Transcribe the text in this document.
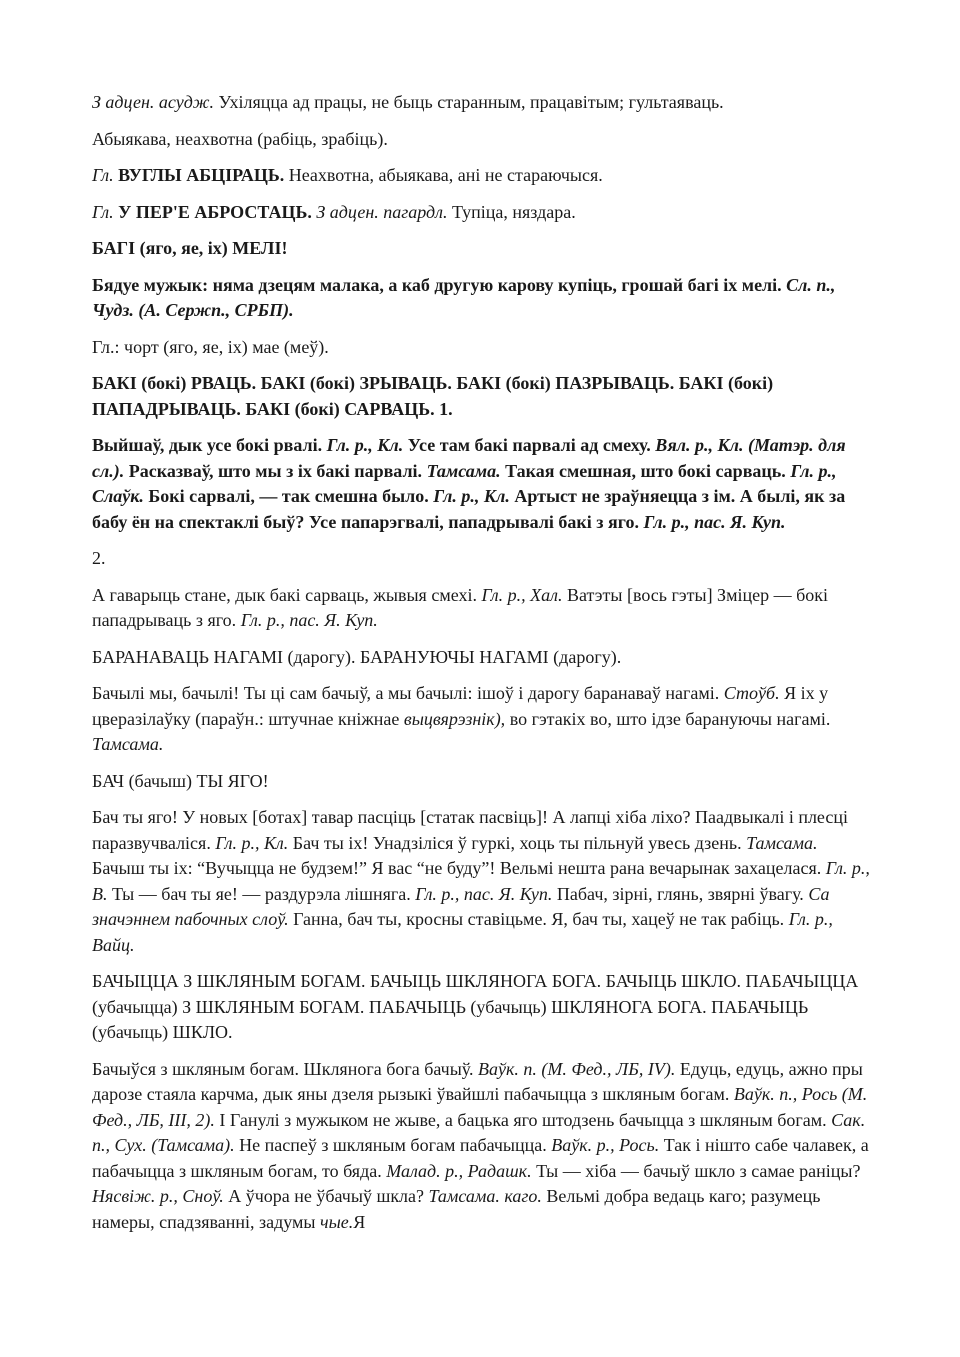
З адцен. асудж. Ухіляцца ад працы, не быць старанным, працавітым; гультаяваць.

Абыякава, неахвотна (рабіць, зрабіць).

Гл. ВУГЛЫ АБЦІРАЦЬ. Неахвотна, абыякава, ані не стараючыся.

Гл. У ПЕР'Е АБРОСТАЦЬ. З адцен. пагардл. Тупіца, няздара.

БАГІ (яго, яе, іх) МЕЛІ!

Бядуе мужык: няма дзецям малака, а каб другую карову купіць, грошай багі іх мелі. Сл. п., Чудз. (А. Сержп., СРБП).

Гл.: чорт (яго, яе, іх) мае (меў).

БАКІ (бокі) РВАЦЬ. БАКІ (бокі) ЗРЫВАЦЬ. БАКІ (бокі) ПАЗРЫВАЦЬ. БАКІ (бокі) ПАПАДРЫВАЦЬ. БАКІ (бокі) САРВАЦЬ. 1.

Выйшаў, дык усе бокі рвалі. Гл. р., Кл. Усе там бакі парвалі ад смеху. Вял. р., Кл. (Матэр. для сл.). Расказваў, што мы з іх бакі парвалі. Тамсама. Такая смешная, што бокі сарваць. Гл. р., Слаўк. Бокі сарвалі, — так смешна было. Гл. р., Кл. Артыст не зраўняецца з ім. А былі, як за бабу ён на спектаклі быў? Усе папарэгвалі, пападрывалі бакі з яго. Гл. р., пас. Я. Куп.

2.

А гаварыць стане, дык бакі сарваць, жывыя смехі. Гл. р., Хал. Ватэты [вось гэты] Зміцер — бокі пападрываць з яго. Гл. р., пас. Я. Куп.

БАРАНАВАЦЬ НАГАМІ (дарогу). БАРАНУЮЧЫ НАГАМІ (дарогу).

Бачылі мы, бачылі! Ты ці сам бачыў, а мы бачылі: ішоў і дарогу баранаваў нагамі. Стоўб. Я іх у цверазілаўку (параўн.: штучнае кніжнае выцвярэзнік), во гэтакіх во, што ідзе барануючы нагамі. Тамсама.

БАЧ (бачыш) ТЫ ЯГО!

Бач ты яго! У новых [ботах] тавар пасціць [статак пасвіць]! А лапці хіба ліхо? Паадвыкалі і плесці паразвучваліся. Гл. р., Кл. Бач ты іх! Унадзіліся ў гуркі, хоць ты пільнуй увесь дзень. Тамсама. Бачыш ты іх: “Вучыцца не будзем!” Я вас “не буду”! Вельмі нешта рана вечарынак захацелася. Гл. р., В. Ты — бач ты яе! — раздурэла лішняга. Гл. р., пас. Я. Куп. Пабач, зірні, глянь, звярні ўвагу. Са значэннем пабочных слоў. Ганна, бач ты, кросны ставіцьме. Я, бач ты, хацеў не так рабіць. Гл. р., Вайц.

БАЧЫЦЦА З ШКЛЯНЫМ БОГАМ. БАЧЫЦЬ ШКЛЯНОГА БОГА. БАЧЫЦЬ ШКЛО. ПАБАЧЫЦЦА (убачыцца) З ШКЛЯНЫМ БОГАМ. ПАБАЧЫЦЬ (убачыць) ШКЛЯНОГА БОГА. ПАБАЧЫЦЬ (убачыць) ШКЛО.

Бачыўся з шкляным богам. Шклянога бога бачыў. Ваўк. п. (М. Фед., ЛБ, IV). Едуць, едуць, ажно пры дарозе стаяла карчма, дык яны дзеля рызыкі ўвайшлі пабачыцца з шкляным богам. Ваўк. п., Рось (М. Фед., ЛБ, III, 2). І Ганулі з мужыком не жыве, а бацька яго штодзень бачыцца з шкляным богам. Сак. п., Сух. (Тамсама). Не паспеў з шкляным богам пабачыцца. Ваўк. р., Рось. Так і ніштo сабе чалавек, а пабачыцца з шкляным богам, то бяда. Малад. р., Радашк. Ты — хіба — бачыў шкло з самае раніцы? Нясвіж. р., Сноў. А ўчора не ўбачыў шкла? Тамсама. каго. Вельмі добра ведаць каго; разумець намеры, спадзяванні, задумы чые.Я
